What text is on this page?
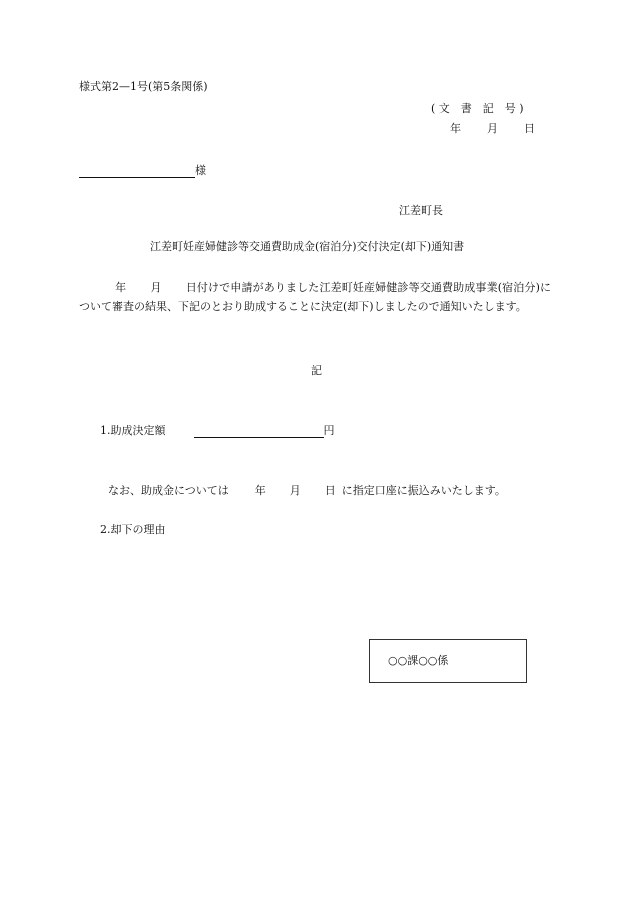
様式第2—1号(第5条関係)
( 文　書　記　号 )
年 月 日
様
江差町長
江差町妊産婦健診等交通費助成金(宿泊分)交付決定(却下)通知書
年 月 日付けで申請がありました江差町妊産婦健診等交通費助成事業(宿泊分)について審査の結果、下記のとおり助成することに決定(却下)しましたので通知いたします。
記
1.助成決定額	円
なお、助成金については 年 月 日 に指定口座に振込みいたします。
2.却下の理由
○○課○○係
